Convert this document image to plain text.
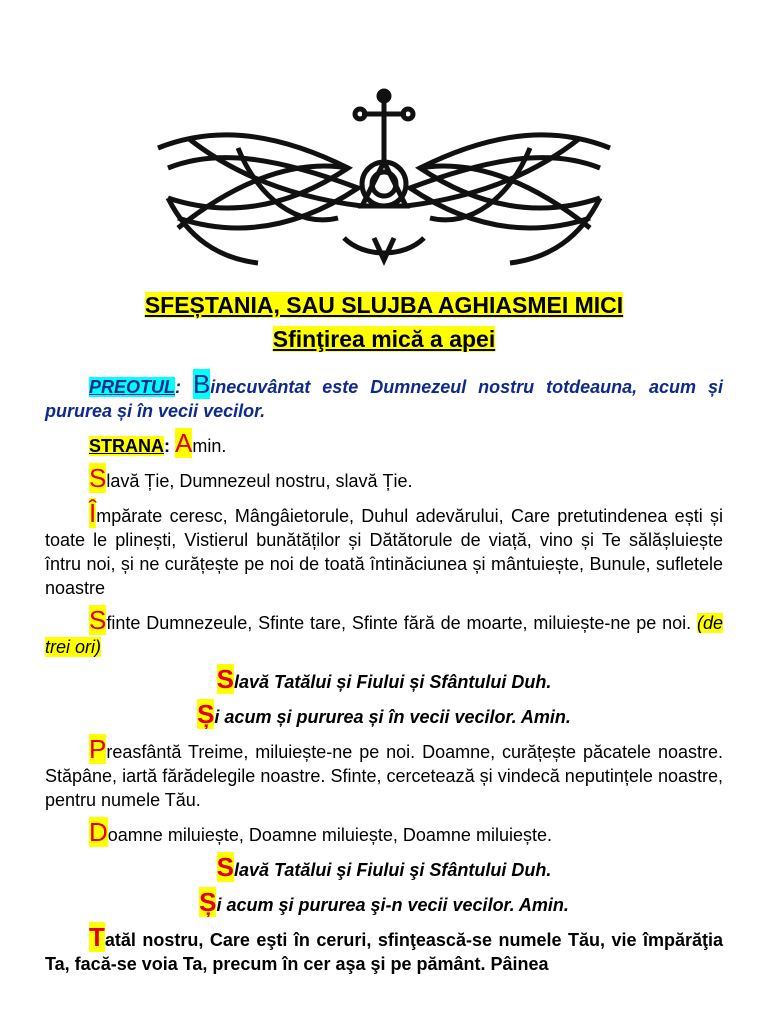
SFEȘTANIA, SAU SLUJBA AGHIASMEI MICI
Sfinţirea mică a apei

PREOTUL: Binecuvântat este Dumnezeul nostru totdeauna, acum și pururea și în vecii vecilor.

STRANA: Amin.

Slavă Ție, Dumnezeul nostru, slavă Ție.

Împărate ceresc, Mângâietorule, Duhul adevărului, Care pretutindenea ești și toate le plinești, Vistierul bunătăților și Dătătorule de viață, vino și Te sălășluiește întru noi, și ne curățește pe noi de toată întinăciunea și mântuiește, Bunule, sufletele noastre

Sfinte Dumnezeule, Sfinte tare, Sfinte fără de moarte, miluiește-ne pe noi. (de trei ori)

Slavă Tatălui și Fiului și Sfântului Duh.

Și acum și pururea și în vecii vecilor. Amin.

Preasfântă Treime, miluiește-ne pe noi. Doamne, curățește păcatele noastre. Stăpâne, iartă fărădelegile noastre. Sfinte, cercetează și vindecă neputințele noastre, pentru numele Tău.

Doamne miluiește, Doamne miluiește, Doamne miluiește.

Slavă Tatălui şi Fiului şi Sfântului Duh.

Și acum şi pururea şi-n vecii vecilor. Amin.

Tatăl nostru, Care eşti în ceruri, sfinţească-se numele Tău, vie împărăţia Ta, facă-se voia Ta, precum în cer aşa şi pe pământ. Pâinea
